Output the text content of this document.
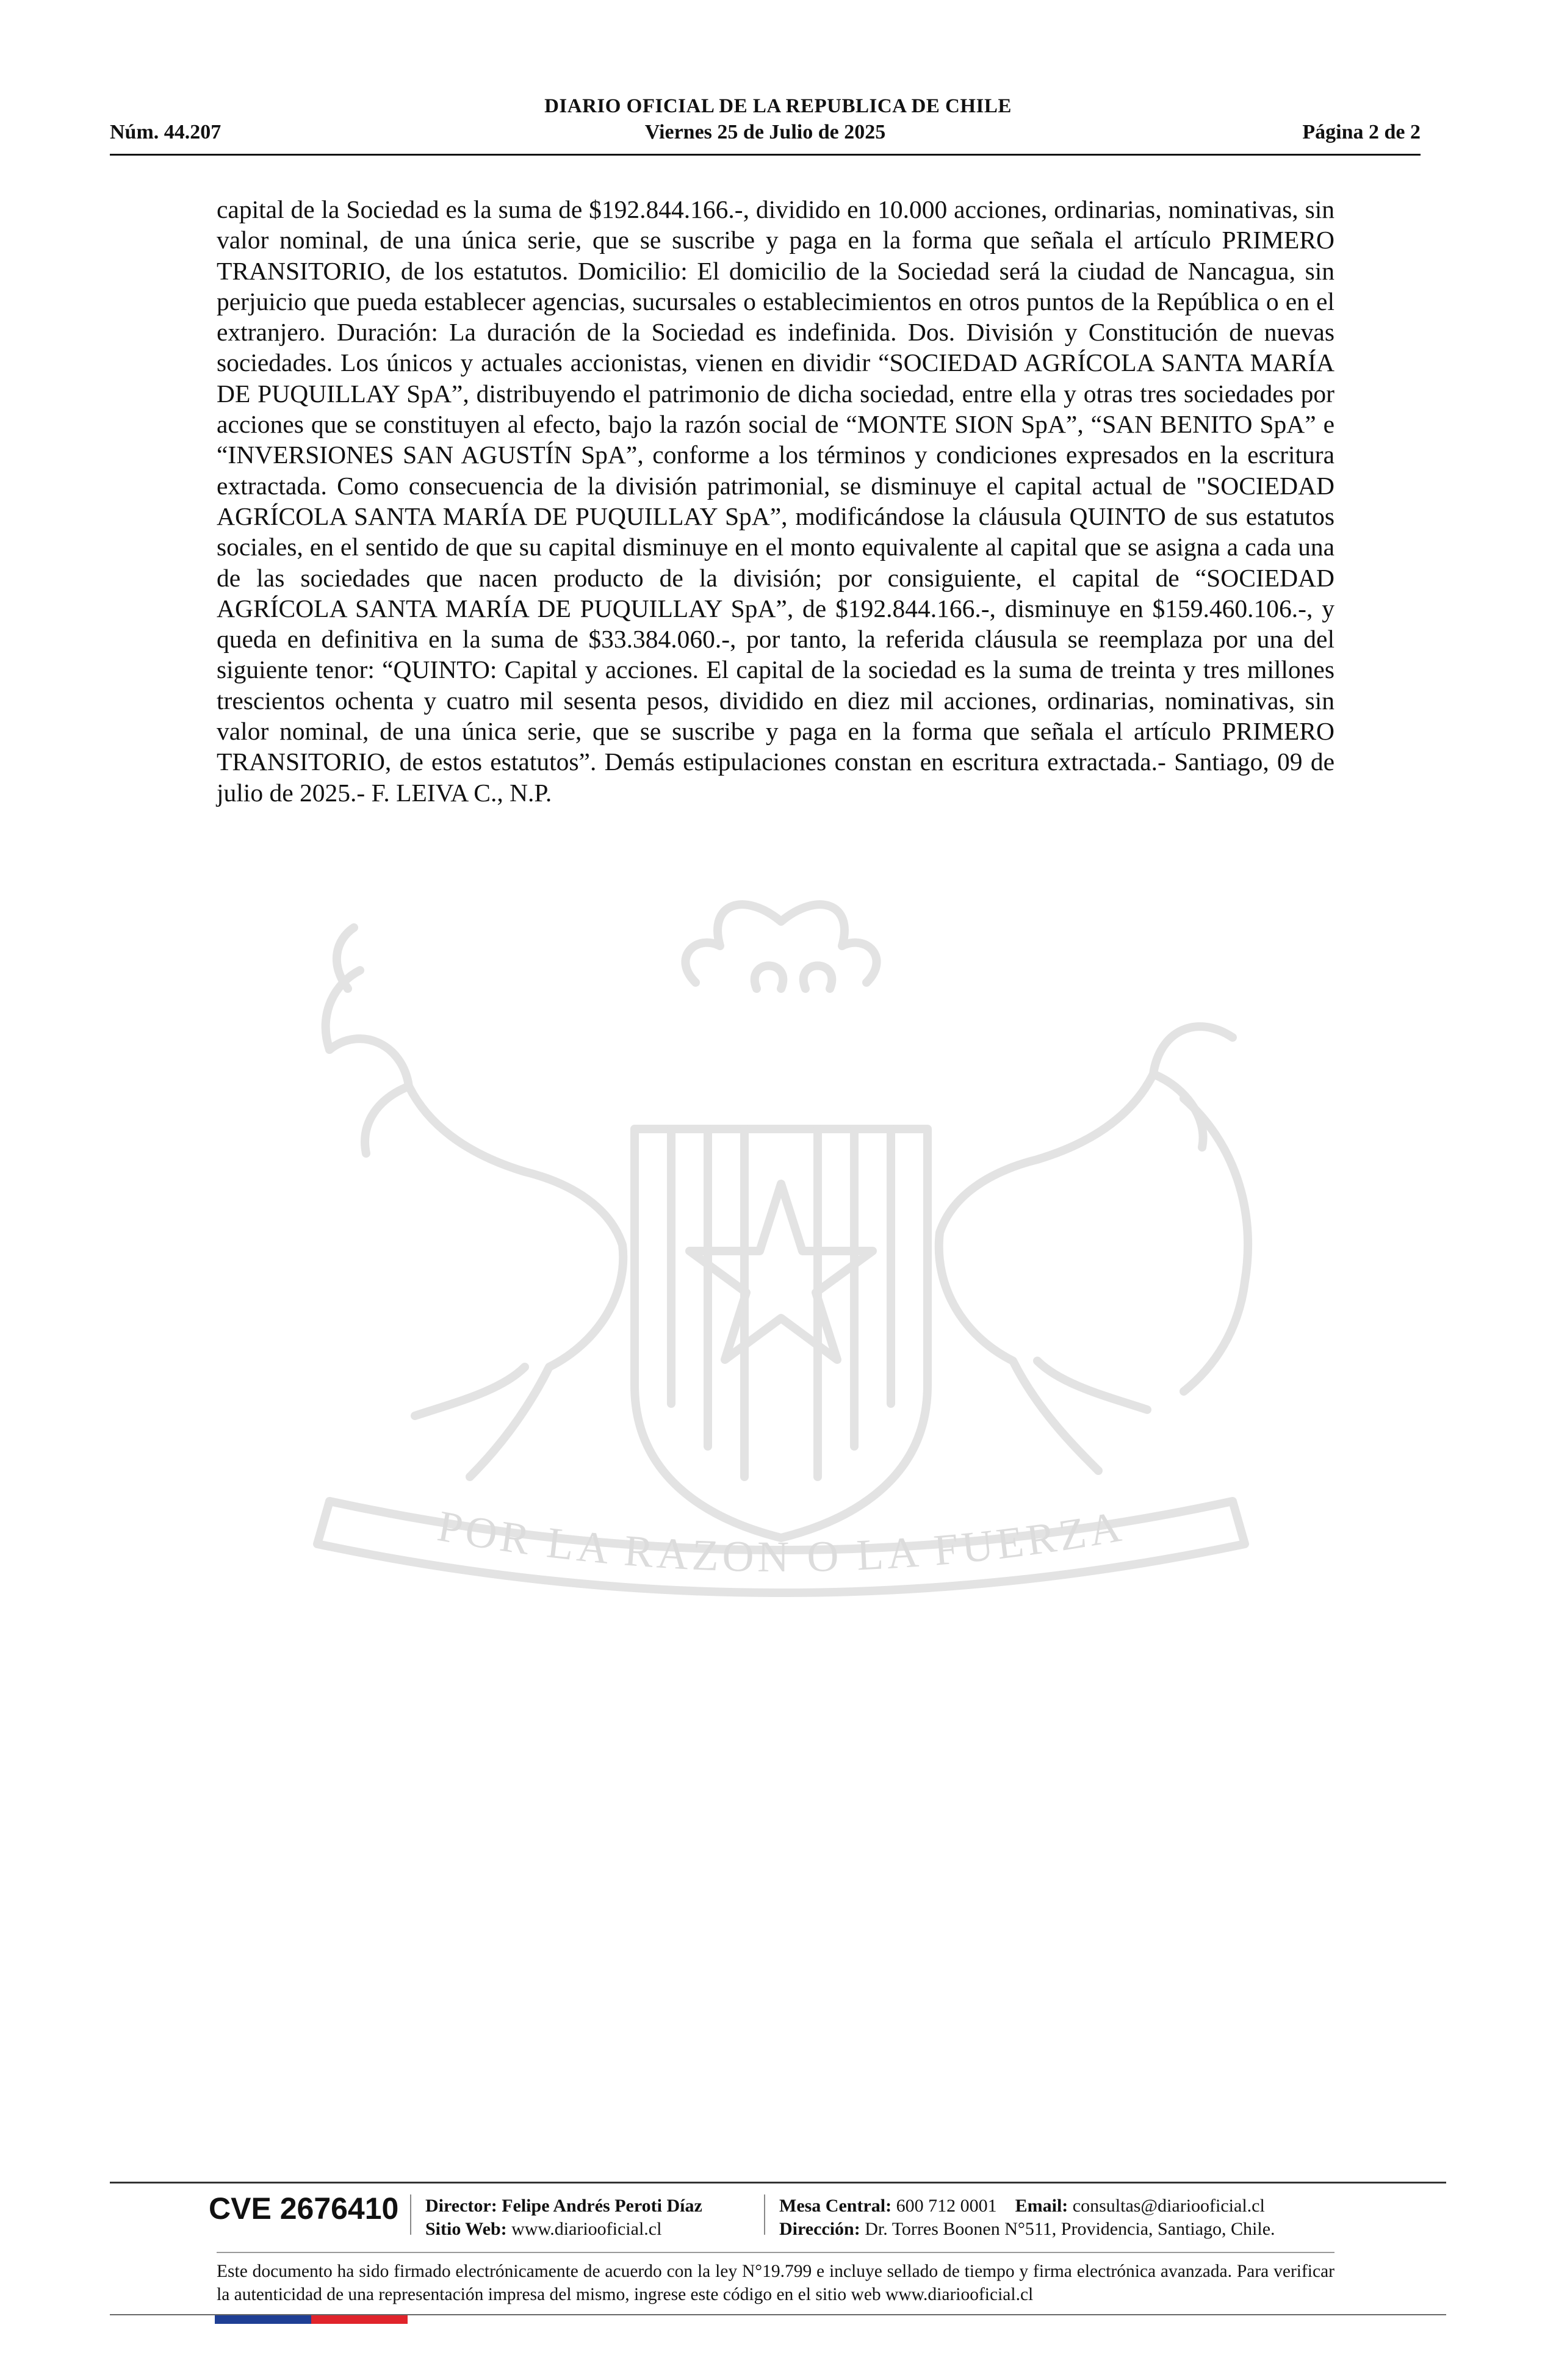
DIARIO OFICIAL DE LA REPUBLICA DE CHILE
Núm. 44.207	Viernes 25 de Julio de 2025	Página 2 de 2
POR LA RAZON O LA FUERZA
capital de la Sociedad es la suma de $192.844.166.-, dividido en 10.000 acciones, ordinarias, nominativas, sin valor nominal, de una única serie, que se suscribe y paga en la forma que señala el artículo PRIMERO TRANSITORIO, de los estatutos. Domicilio: El domicilio de la Sociedad será la ciudad de Nancagua, sin perjuicio que pueda establecer agencias, sucursales o establecimientos en otros puntos de la República o en el extranjero. Duración: La duración de la Sociedad es indefinida. Dos. División y Constitución de nuevas sociedades. Los únicos y actuales accionistas, vienen en dividir “SOCIEDAD AGRÍCOLA SANTA MARÍA DE PUQUILLAY SpA”, distribuyendo el patrimonio de dicha sociedad, entre ella y otras tres sociedades por acciones que se constituyen al efecto, bajo la razón social de “MONTE SION SpA”, “SAN BENITO SpA” e “INVERSIONES SAN AGUSTÍN SpA”, conforme a los términos y condiciones expresados en la escritura extractada. Como consecuencia de la división patrimonial, se disminuye el capital actual de "SOCIEDAD AGRÍCOLA SANTA MARÍA DE PUQUILLAY SpA”, modificándose la cláusula QUINTO de sus estatutos sociales, en el sentido de que su capital disminuye en el monto equivalente al capital que se asigna a cada una de las sociedades que nacen producto de la división; por consiguiente, el capital de “SOCIEDAD AGRÍCOLA SANTA MARÍA DE PUQUILLAY SpA”, de $192.844.166.-, disminuye en $159.460.106.-, y queda en definitiva en la suma de $33.384.060.-, por tanto, la referida cláusula se reemplaza por una del siguiente tenor: “QUINTO: Capital y acciones. El capital de la sociedad es la suma de treinta y tres millones trescientos ochenta y cuatro mil sesenta pesos, dividido en diez mil acciones, ordinarias, nominativas, sin valor nominal, de una única serie, que se suscribe y paga en la forma que señala el artículo PRIMERO TRANSITORIO, de estos estatutos”. Demás estipulaciones constan en escritura extractada.- Santiago, 09 de julio de 2025.- F. LEIVA C., N.P.
CVE 2676410 Director: Felipe Andrés Peroti Díaz
Sitio Web: www.diariooficial.cl
Mesa Central: 600 712 0001 Email: consultas@diariooficial.cl
Dirección: Dr. Torres Boonen N°511, Providencia, Santiago, Chile.
Este documento ha sido firmado electrónicamente de acuerdo con la ley N°19.799 e incluye sellado de tiempo y firma electrónica avanzada. Para verificar la autenticidad de una representación impresa del mismo, ingrese este código en el sitio web www.diariooficial.cl
